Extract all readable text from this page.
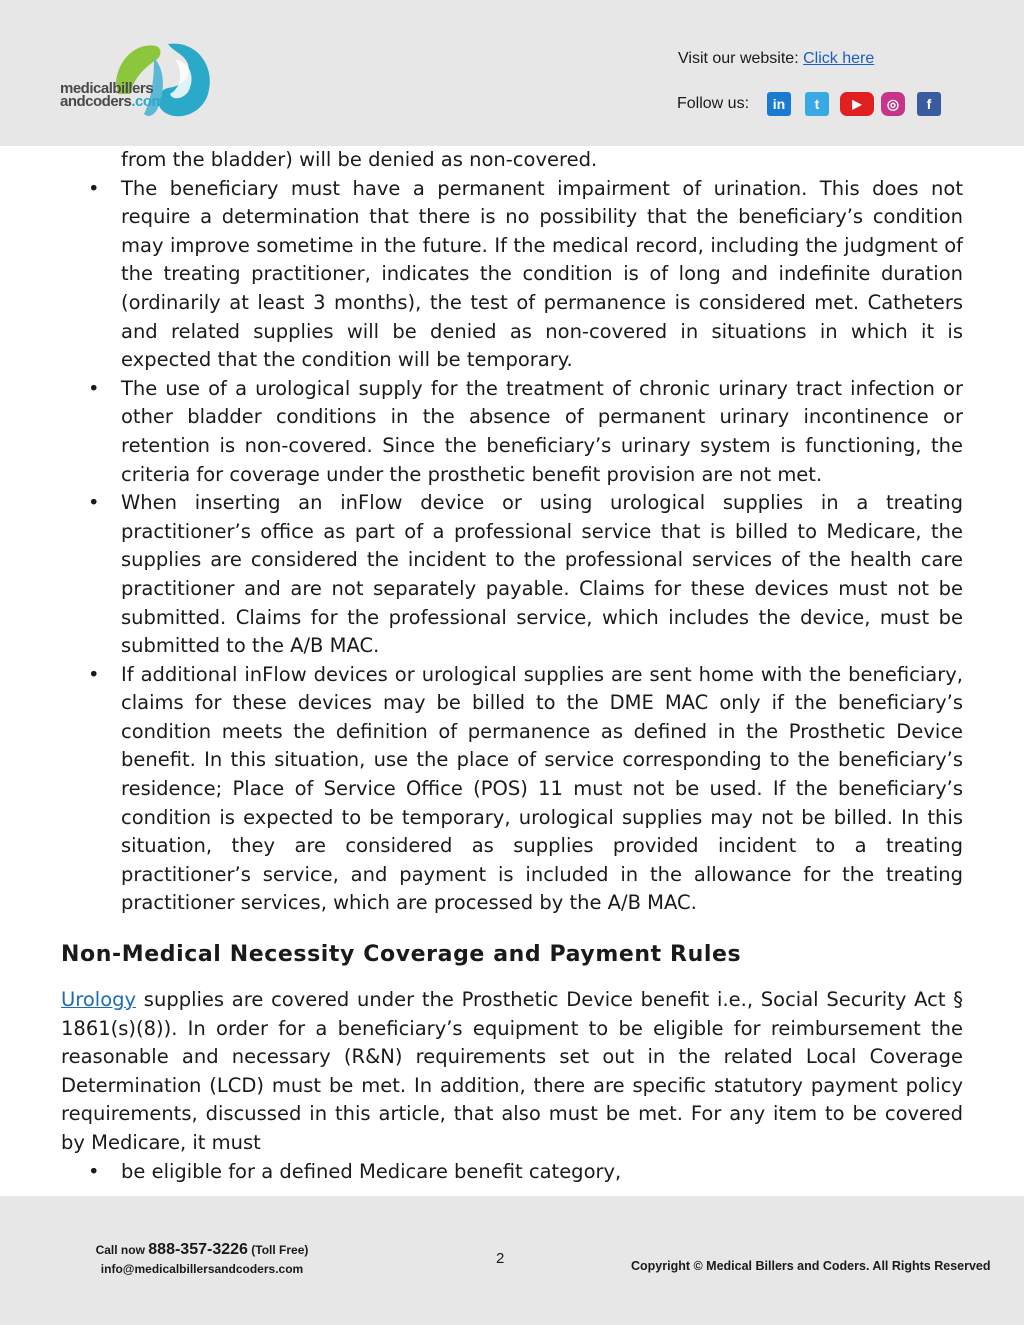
medicalbillers
andcoders.com
Visit our website: Click here
Follow us: in t	▶ ◎ f
from the bladder) will be denied as non-covered.
• The beneficiary must have a permanent impairment of urination. This does not require a determination that there is no possibility that the beneficiary’s condition may improve sometime in the future. If the medical record, including the judgment of the treating practitioner, indicates the condition is of long and indefinite duration (ordinarily at least 3 months), the test of permanence is considered met. Catheters and related supplies will be denied as non-covered in situations in which it is expected that the condition will be temporary.
• The use of a urological supply for the treatment of chronic urinary tract infection or other bladder conditions in the absence of permanent urinary incontinence or retention is non-covered. Since the beneficiary’s urinary system is functioning, the criteria for coverage under the prosthetic benefit provision are not met.
• When inserting an inFlow device or using urological supplies in a treating practitioner’s office as part of a professional service that is billed to Medicare, the supplies are considered the incident to the professional services of the health care practitioner and are not separately payable. Claims for these devices must not be submitted. Claims for the professional service, which includes the device, must be submitted to the A/B MAC.
• If additional inFlow devices or urological supplies are sent home with the beneficiary, claims for these devices may be billed to the DME MAC only if the beneficiary’s condition meets the definition of permanence as defined in the Prosthetic Device benefit. In this situation, use the place of service corresponding to the beneficiary’s residence; Place of Service Office (POS) 11 must not be used. If the beneficiary’s condition is expected to be temporary, urological supplies may not be billed. In this situation, they are considered as supplies provided incident to a treating practitioner’s service, and payment is included in the allowance for the treating practitioner services, which are processed by the A/B MAC.
Non-Medical Necessity Coverage and Payment Rules

Urology supplies are covered under the Prosthetic Device benefit i.e., Social Security Act § 1861(s)(8)). In order for a beneficiary’s equipment to be eligible for reimbursement the reasonable and necessary (R&N) requirements set out in the related Local Coverage Determination (LCD) must be met. In addition, there are specific statutory payment policy requirements, discussed in this article, that also must be met. For any item to be covered by Medicare, it must

• be eligible for a defined Medicare benefit category,
Call now 888-357-3226 (Toll Free)
info@medicalbillersandcoders.com
2	Copyright © Medical Billers and Coders. All Rights Reserved
